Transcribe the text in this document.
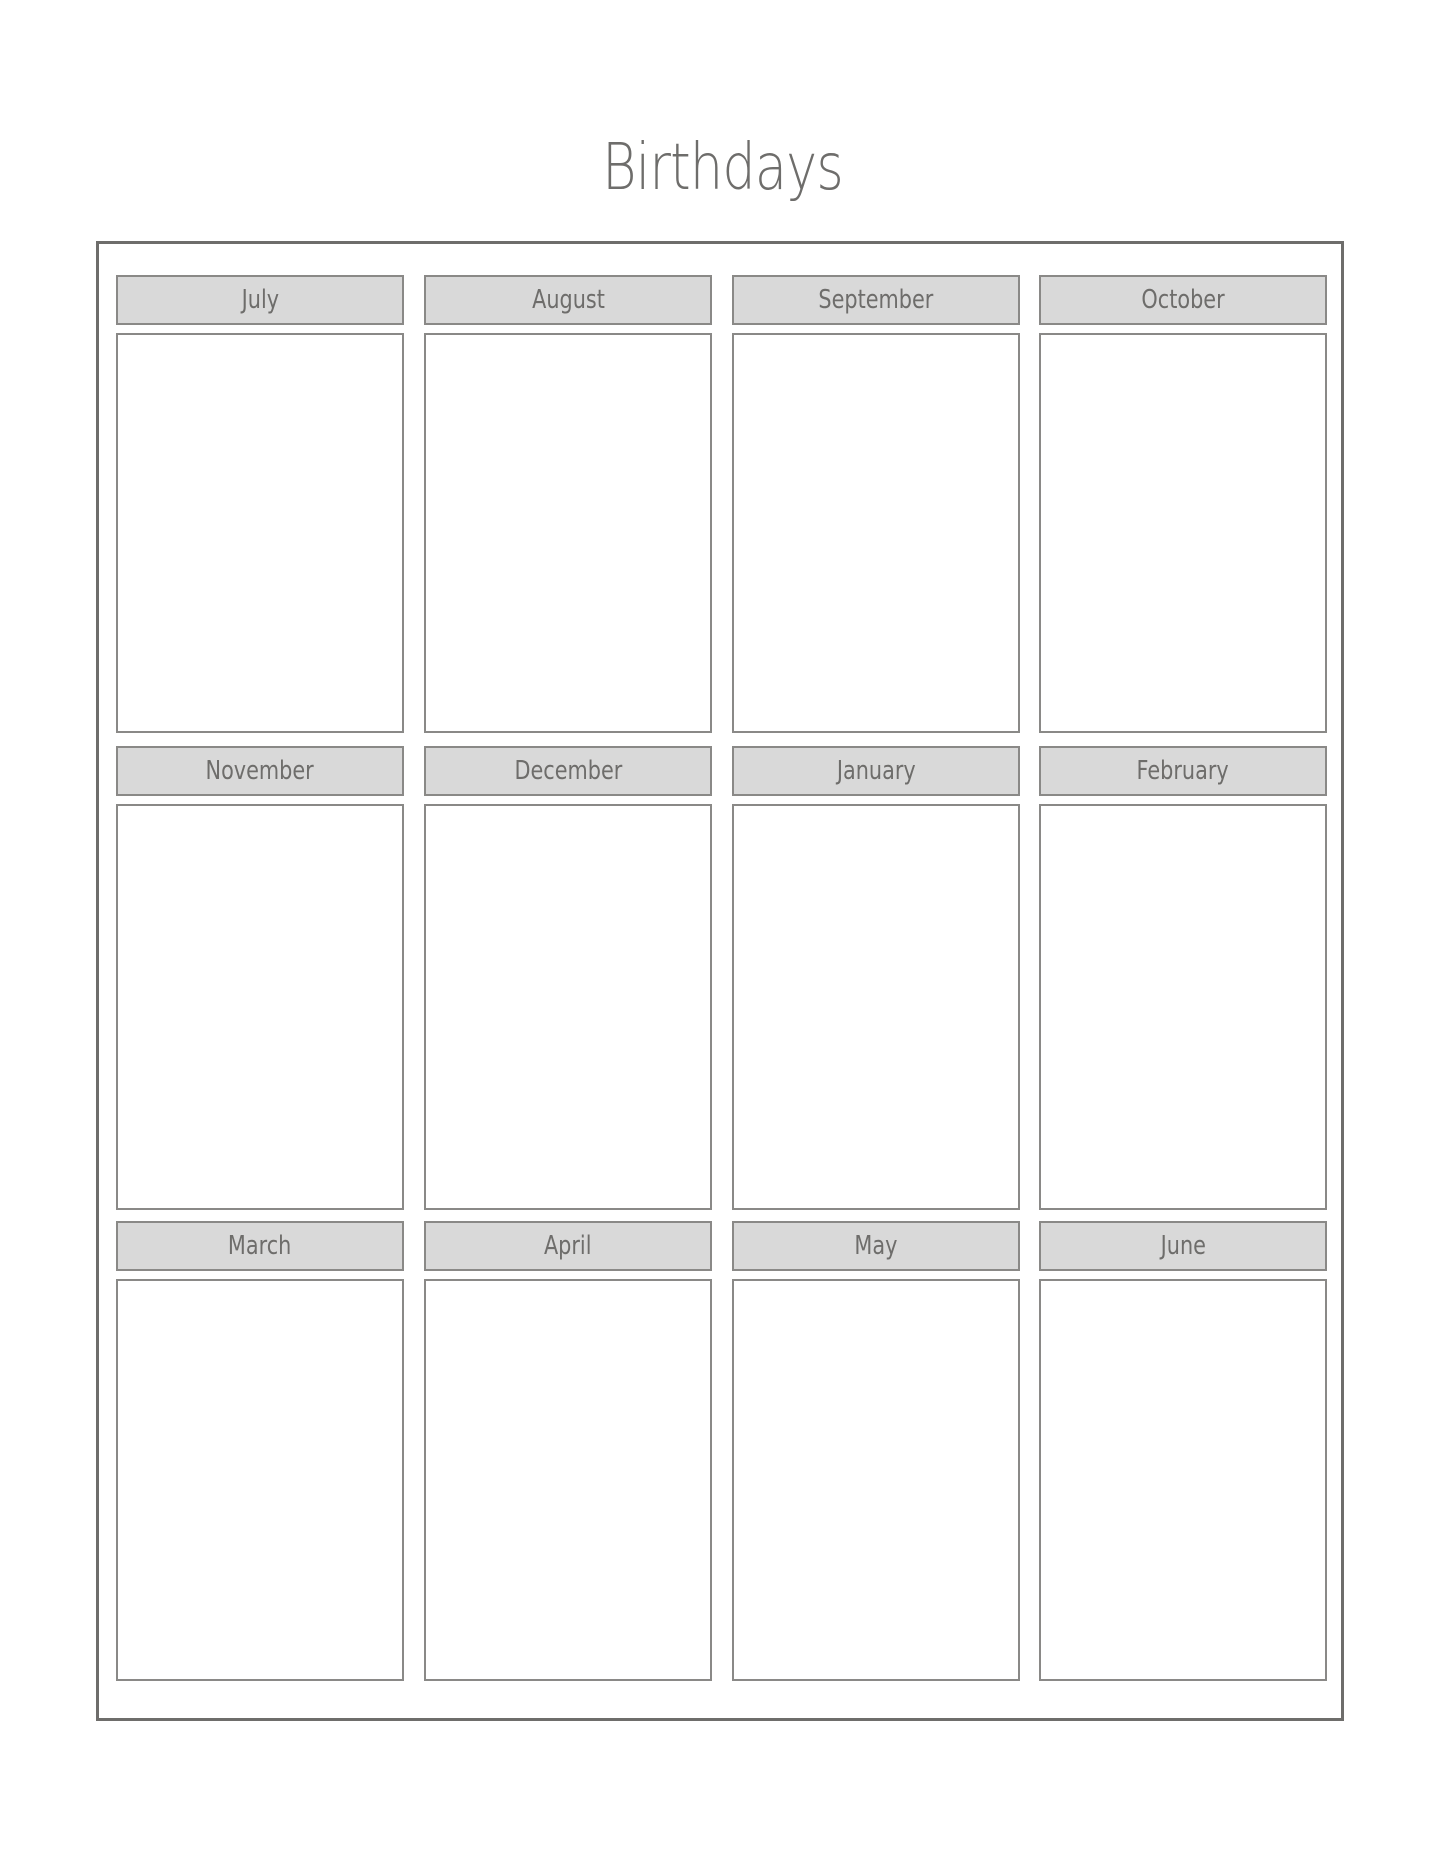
Birthdays
July	August	September	October
November	December	January	February
March	April	May	June
